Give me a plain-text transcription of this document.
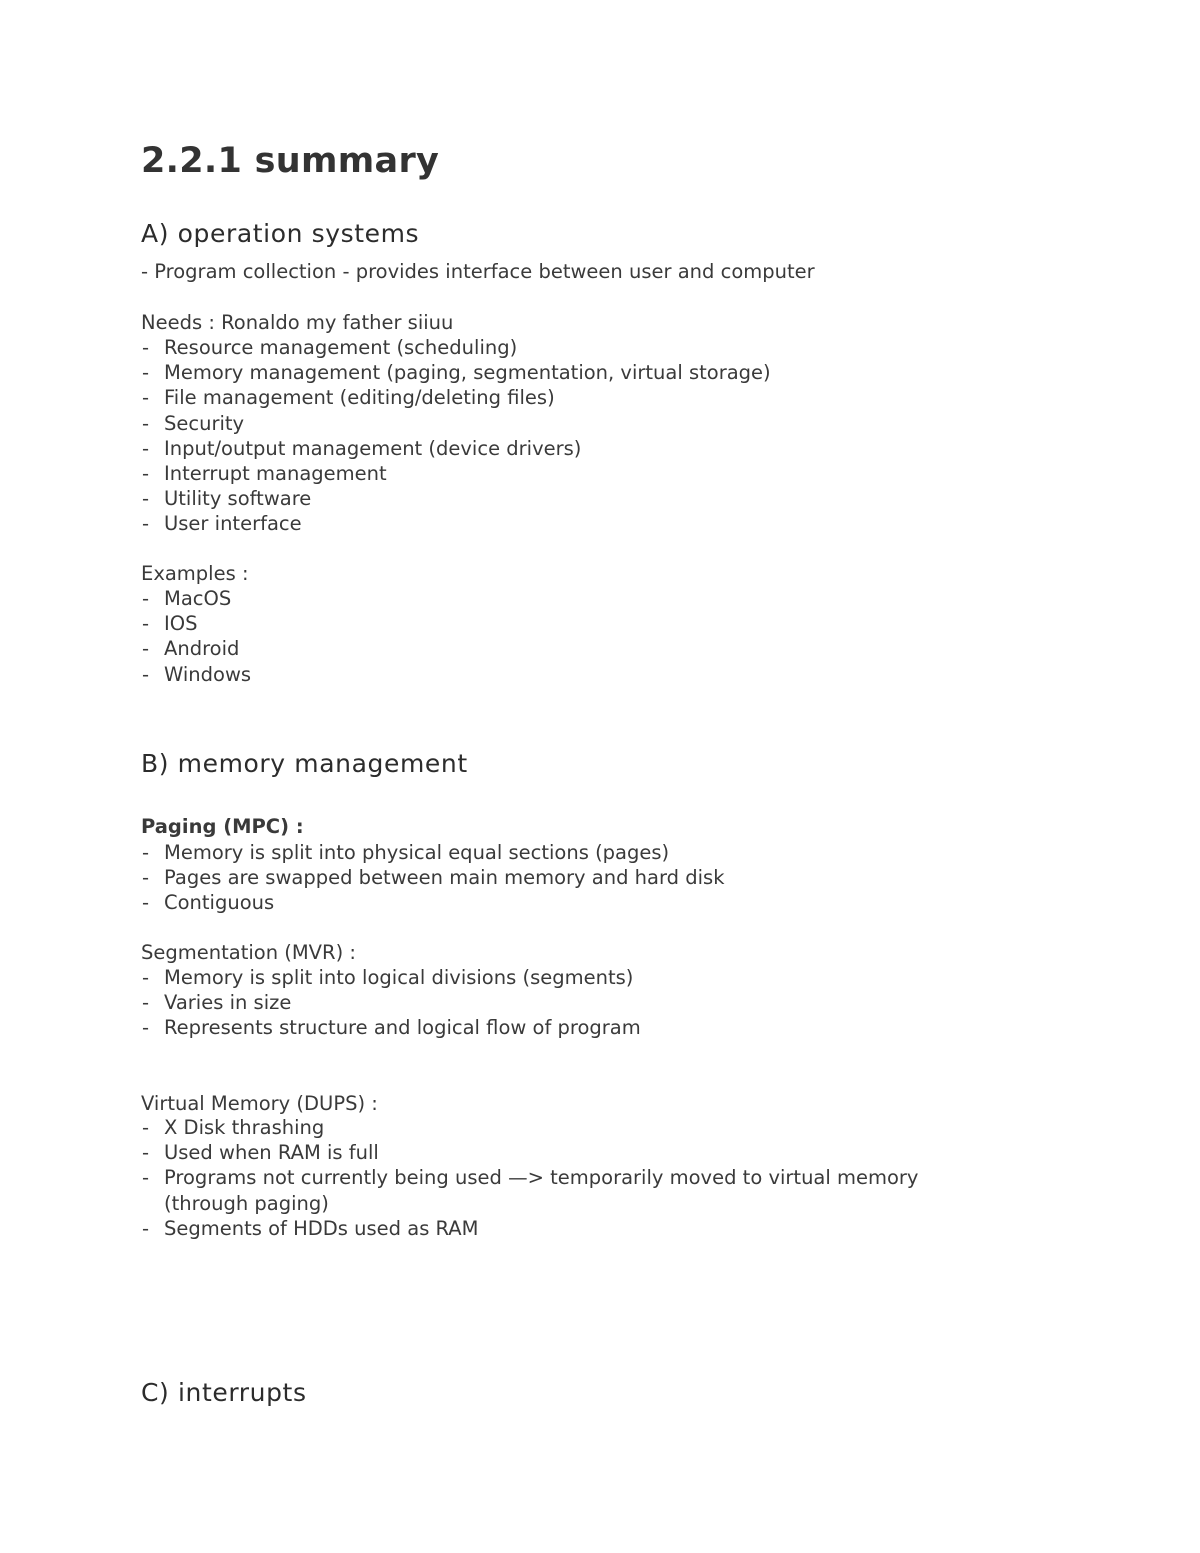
2.2.1 summary
A) operation systems
- Program collection - provides interface between user and computer
Needs : Ronaldo my father siiuu
- Resource management (scheduling)
- Memory management (paging, segmentation, virtual storage)
- File management (editing/deleting files)
- Security
- Input/output management (device drivers)
- Interrupt management
- Utility software
- User interface
Examples :
- MacOS
- IOS
- Android
- Windows
B) memory management
Paging (MPC) :
- Memory is split into physical equal sections (pages)
- Pages are swapped between main memory and hard disk
- Contiguous
Segmentation (MVR) :
- Memory is split into logical divisions (segments)
- Varies in size
- Represents structure and logical flow of program
Virtual Memory (DUPS) :
- X Disk thrashing
- Used when RAM is full
- Programs not currently being used —> temporarily moved to virtual memory
(through paging)
- Segments of HDDs used as RAM
C) interrupts
